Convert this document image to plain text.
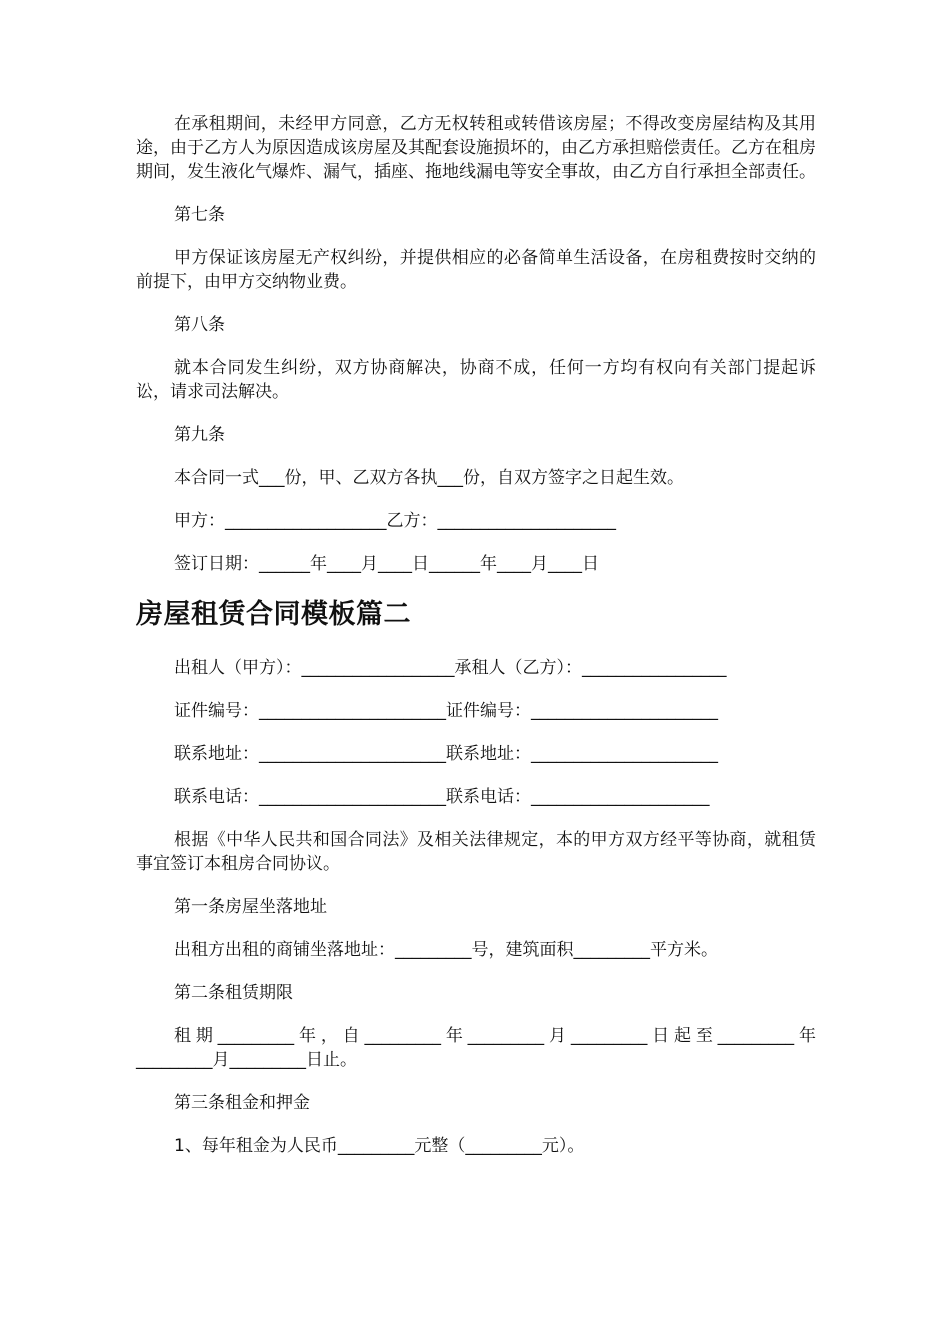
在承租期间，未经甲方同意，乙方无权转租或转借该房屋；不得改变房屋结构及其用途，由于乙方人为原因造成该房屋及其配套设施损坏的，由乙方承担赔偿责任。乙方在租房期间，发生液化气爆炸、漏气，插座、拖地线漏电等安全事故，由乙方自行承担全部责任。

第七条

甲方保证该房屋无产权纠纷，并提供相应的必备简单生活设备，在房租费按时交纳的前提下，由甲方交纳物业费。

第八条

就本合同发生纠纷，双方协商解决，协商不成，任何一方均有权向有关部门提起诉讼，请求司法解决。

第九条

本合同一式___份，甲、乙双方各执___份，自双方签字之日起生效。

甲方：___________________乙方：_____________________

签订日期：______年____月____日______年____月____日

房屋租赁合同模板篇二

出租人（甲方）：__________________承租人（乙方）：_________________

证件编号：______________________证件编号：______________________

联系地址：______________________联系地址：______________________

联系电话：______________________联系电话：_____________________

根据《中华人民共和国合同法》及相关法律规定，本的甲方双方经平等协商，就租赁事宜签订本租房合同协议。

第一条房屋坐落地址

出租方出租的商铺坐落地址：_________号，建筑面积_________平方米。

第二条租赁期限

租期_________年，自_________年_________月_________日起至_________年_________月_________日止。

第三条租金和押金

1、每年租金为人民币_________元整（_________元）。
